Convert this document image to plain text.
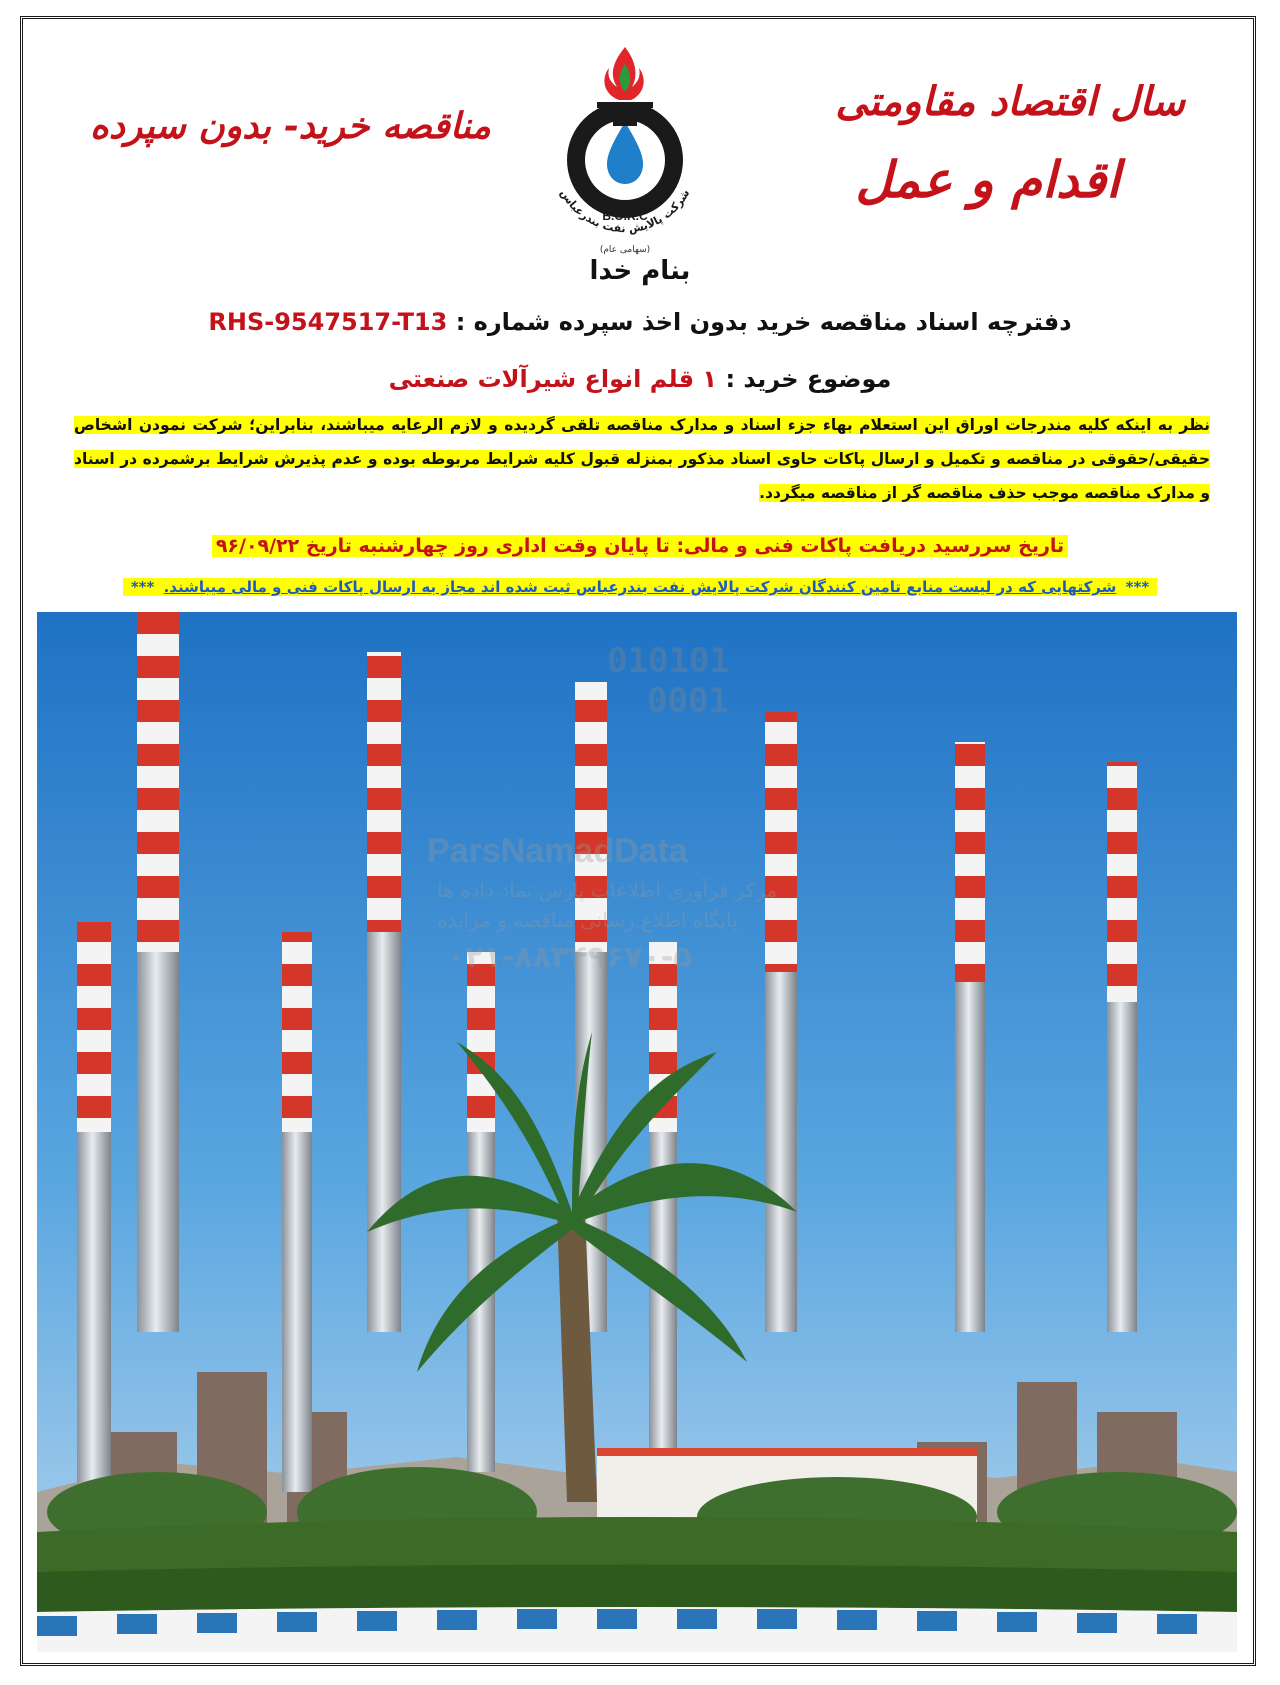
سال اقتصاد مقاومتی
اقدام و عمل
مناقصه خرید- بدون سپرده
B.O.R.C
شرکت پالایش نفت بندرعباس
(سهامی عام)
بنام خدا
دفترچه اسناد مناقصه خرید بدون اخذ سپرده شماره : RHS-9547517-T13
موضوع خرید : ۱ قلم انواع شیرآلات صنعتی
نظر به اینکه کلیه مندرجات اوراق این استعلام بهاء جزء اسناد و مدارک مناقصه تلقی گردیده و لازم الرعایه میباشند، بنابراین؛ شرکت نمودن اشخاص حقیقی/حقوقی در مناقصه و تکمیل و ارسال پاکات حاوی اسناد مذکور بمنزله قبول کلیه شرایط مربوطه بوده و عدم پذیرش شرایط برشمرده در اسناد و مدارک مناقصه موجب حذف مناقصه گر از مناقصه میگردد.
تاریخ سررسید دریافت پاکات فنی و مالی: تا پایان وقت اداری روز چهارشنبه تاریخ ۹۶/۰۹/۲۲
*** شرکتهایی که در لیست منابع تامین کنندگان شرکت پالایش نفت بندرعباس ثبت شده اند مجاز به ارسال پاکات فنی و مالی میباشند. ***
010101
0001
ParsNamadData
مرکز فرآوری اطلاعات پارس نماد داده ها
پایگاه اطلاع رسانی مناقصه و مزایده
۰۲۱-۸۸۳۴۹۶۷۰-۵
